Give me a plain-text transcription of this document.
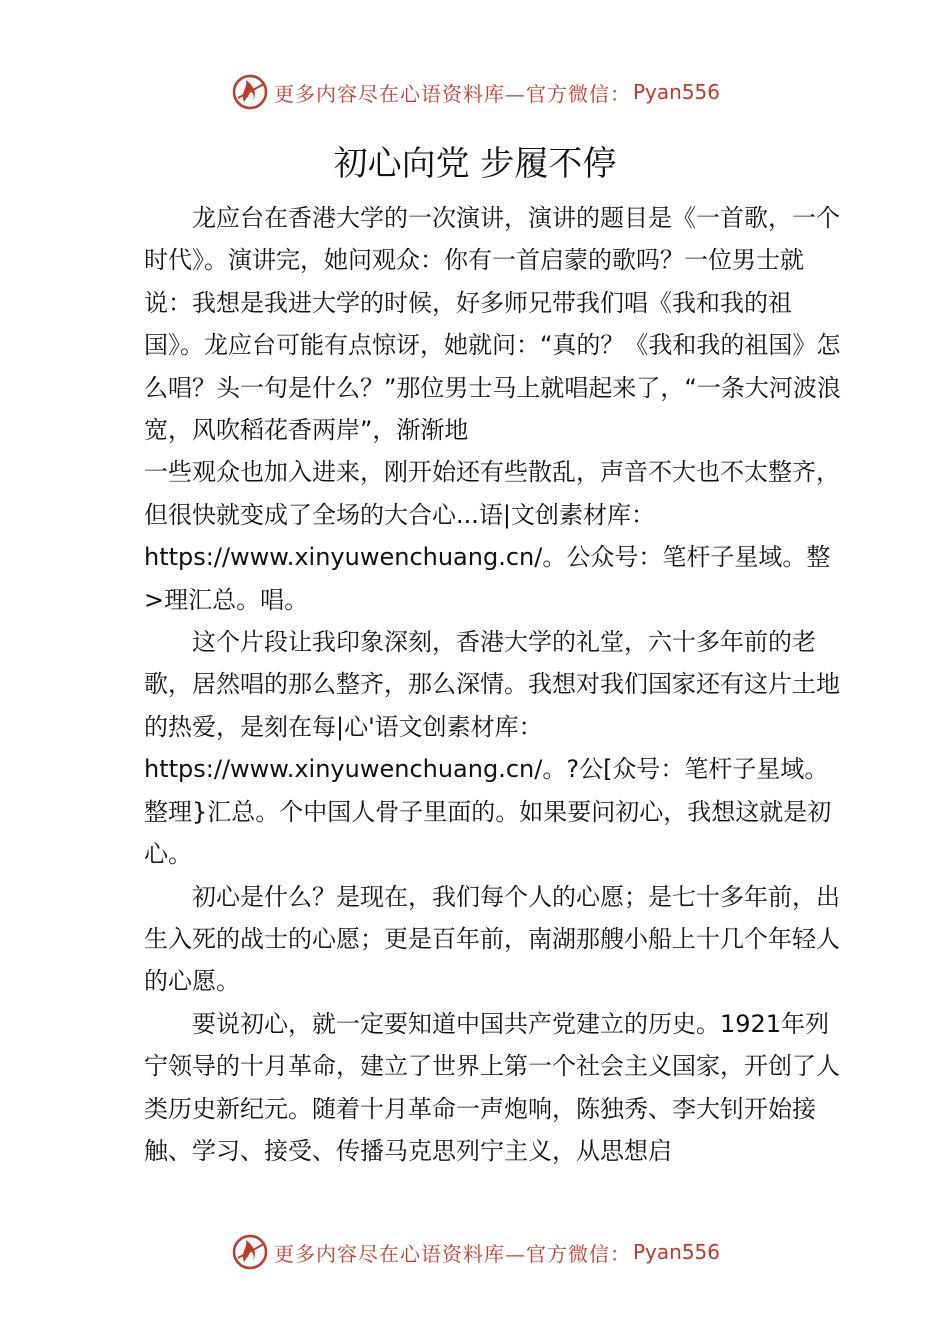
更多内容尽在心语资料库—官方微信： Pyan556
初心向党 步履不停

龙应台在香港大学的一次演讲，演讲的题目是《一首歌，一个时代》。演讲完，她问观众：你有一首启蒙的歌吗？一位男士就说：我想是我进大学的时候，好多师兄带我们唱《我和我的祖国》。龙应台可能有点惊讶，她就问：“真的？《我和我的祖国》怎么唱？头一句是什么？”那位男士马上就唱起来了，“一条大河波浪宽，风吹稻花香两岸”，渐渐地

一些观众也加入进来，刚开始还有些散乱，声音不大也不太整齐，但很快就变成了全场的大合心...语|文创素材库：https://www.xinyuwenchuang.cn/。公众号：笔杆子星域。整>理汇总。唱。

这个片段让我印象深刻，香港大学的礼堂，六十多年前的老歌，居然唱的那么整齐，那么深情。我想对我们国家还有这片土地的热爱，是刻在每|心'语文创素材库：https://www.xinyuwenchuang.cn/。?公[众号：笔杆子星域。整理}汇总。个中国人骨子里面的。如果要问初心，我想这就是初心。

初心是什么？是现在，我们每个人的心愿；是七十多年前，出生入死的战士的心愿；更是百年前，南湖那艘小船上十几个年轻人的心愿。

要说初心，就一定要知道中国共产党建立的历史。1921年列宁领导的十月革命，建立了世界上第一个社会主义国家，开创了人类历史新纪元。随着十月革命一声炮响，陈独秀、李大钊开始接触、学习、接受、传播马克思列宁主义，从思想启

更多内容尽在心语资料库—官方微信： Pyan556
